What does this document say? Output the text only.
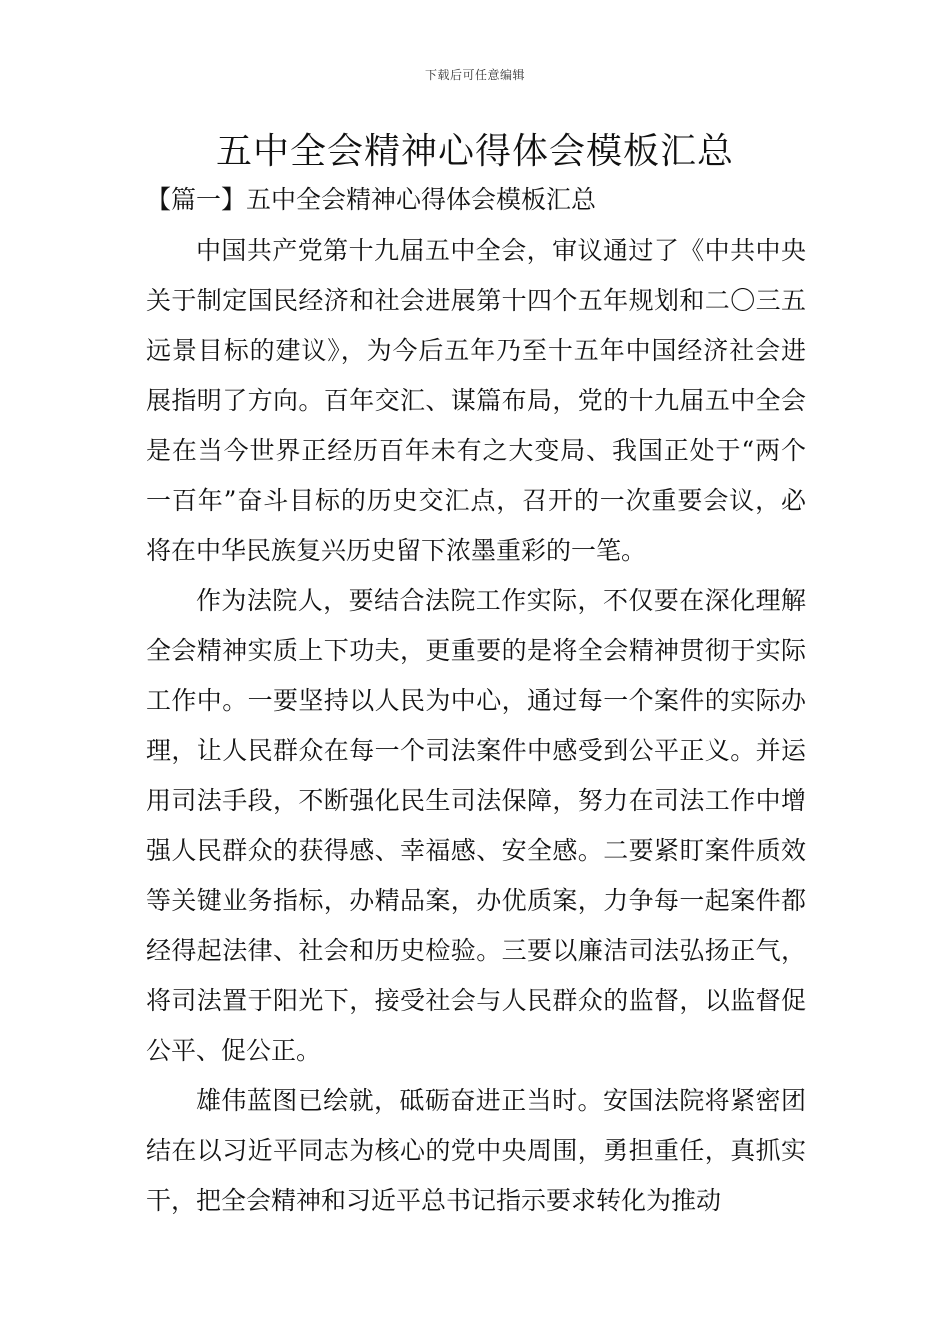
下载后可任意编辑
五中全会精神心得体会模板汇总
【篇一】五中全会精神心得体会模板汇总

中国共产党第十九届五中全会，审议通过了《中共中央关于制定国民经济和社会进展第十四个五年规划和二〇三五远景目标的建议》，为今后五年乃至十五年中国经济社会进展指明了方向。百年交汇、谋篇布局，党的十九届五中全会是在当今世界正经历百年未有之大变局、我国正处于“两个一百年”奋斗目标的历史交汇点，召开的一次重要会议，必将在中华民族复兴历史留下浓墨重彩的一笔。

作为法院人，要结合法院工作实际，不仅要在深化理解全会精神实质上下功夫，更重要的是将全会精神贯彻于实际工作中。一要坚持以人民为中心，通过每一个案件的实际办理，让人民群众在每一个司法案件中感受到公平正义。并运用司法手段，不断强化民生司法保障，努力在司法工作中增强人民群众的获得感、幸福感、安全感。二要紧盯案件质效等关键业务指标，办精品案，办优质案，力争每一起案件都经得起法律、社会和历史检验。三要以廉洁司法弘扬正气，将司法置于阳光下，接受社会与人民群众的监督，以监督促公平、促公正。

雄伟蓝图已绘就，砥砺奋进正当时。安国法院将紧密团结在以习近平同志为核心的党中央周围，勇担重任，真抓实干，把全会精神和习近平总书记指示要求转化为推动
